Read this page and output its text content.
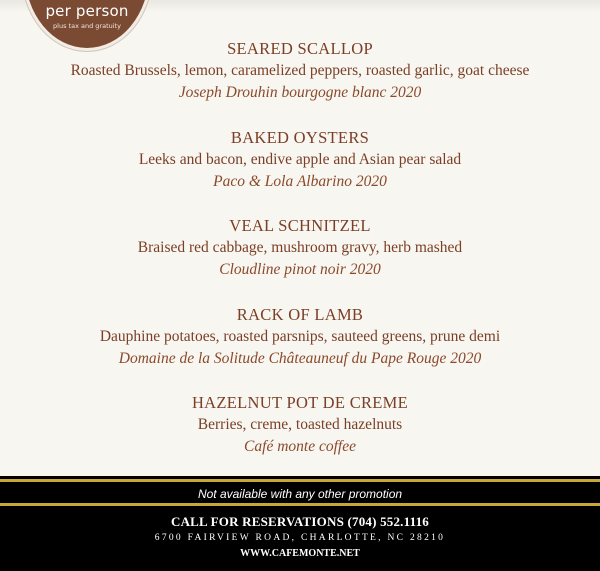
per person
plus tax and gratuity
SEARED SCALLOP
Roasted Brussels, lemon, caramelized peppers, roasted garlic, goat cheese
Joseph Drouhin bourgogne blanc 2020
BAKED OYSTERS
Leeks and bacon, endive apple and Asian pear salad
Paco & Lola Albarino 2020
VEAL SCHNITZEL
Braised red cabbage, mushroom gravy, herb mashed
Cloudline pinot noir 2020
RACK OF LAMB
Dauphine potatoes, roasted parsnips, sauteed greens, prune demi
Domaine de la Solitude Châteauneuf du Pape Rouge 2020
HAZELNUT POT DE CREME
Berries, creme, toasted hazelnuts
Café monte coffee
Not available with any other promotion
CALL FOR RESERVATIONS (704) 552.1116
6700 FAIRVIEW ROAD, CHARLOTTE, NC 28210
WWW.CAFEMONTE.NET
